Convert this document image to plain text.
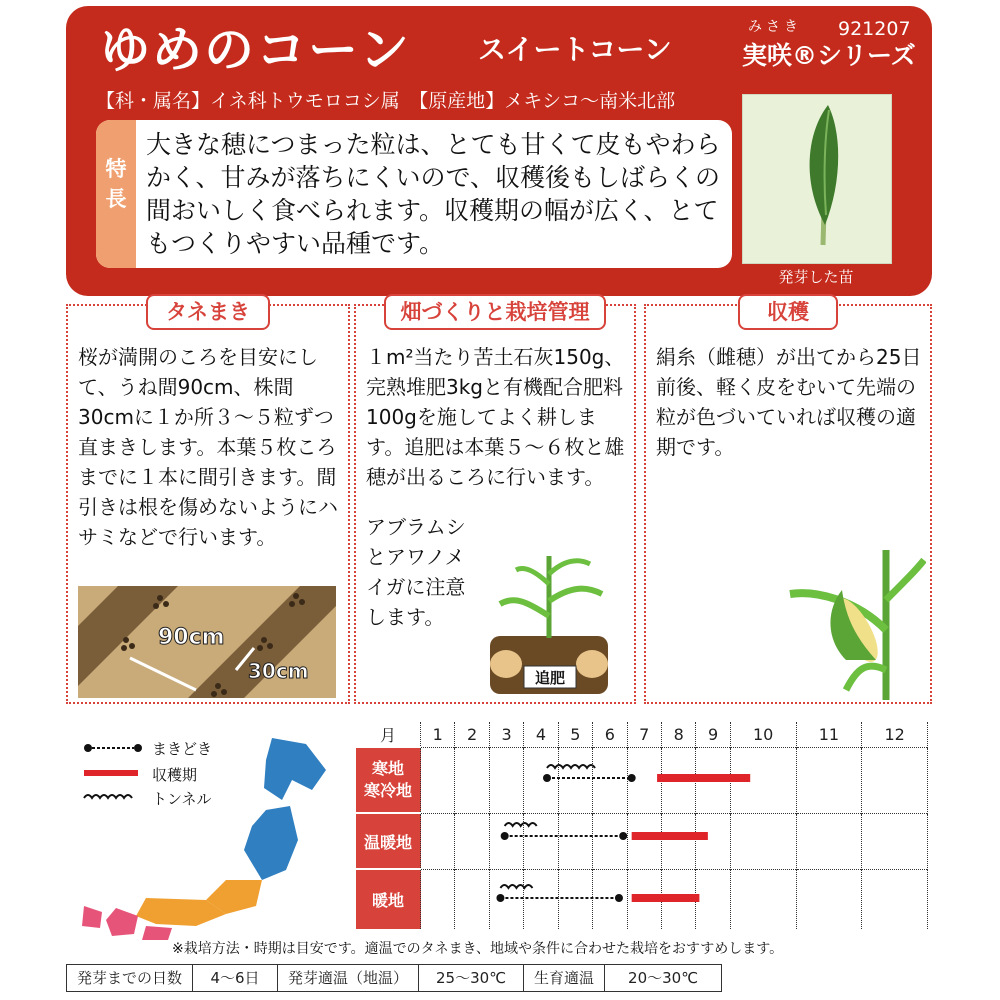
ゆめのコーン スイートコーン
みさき 921207
実咲®シリーズ
【科・属名】イネ科トウモロコシ属　【原産地】メキシコ〜南米北部
特
長
大きな穂につまった粒は、とても甘くて皮もやわらかく、甘みが落ちにくいので、収穫後もしばらくの間おいしく食べられます。収穫期の幅が広く、とてもつくりやすい品種です。
発芽した苗
タネまき
桜が満開のころを目安にして、うね間90cm、株間30cmに１か所３〜５粒ずつ直まきします。本葉５枚ころまでに１本に間引きます。間引きは根を傷めないようにハサミなどで行います。
90cm
30cm
畑づくりと栽培管理
１m²当たり苦土石灰150g、完熟堆肥3kgと有機配合肥料100gを施してよく耕します。追肥は本葉５〜６枚と雄穂が出るころに行います。
アブラムシとアワノメイガに注意します。
追肥
収穫
絹糸（雌穂）が出てから25日前後、軽く皮をむいて先端の粒が色づいていれば収穫の適期です。
まきどき
収穫期
トンネル
月	1	2	3	4	5	6	7	8	9	10	11	12
寒地
寒冷地												
温暖地												
暖地												
※栽培方法・時期は目安です。適温でのタネまき、地域や条件に合わせた栽培をおすすめします。
発芽までの日数	4〜6日	発芽適温（地温）	25〜30℃	生育適温	20〜30℃
